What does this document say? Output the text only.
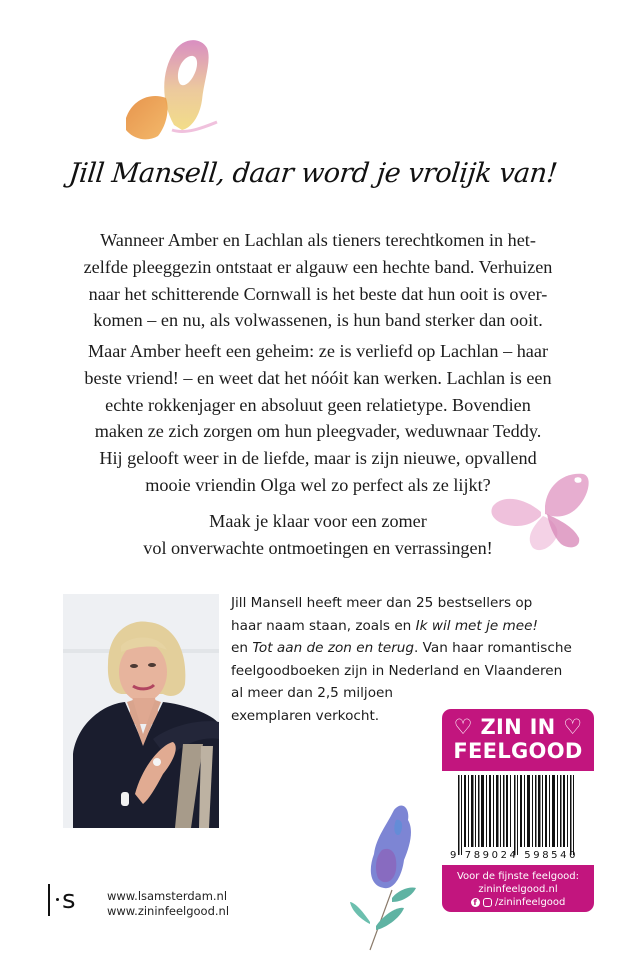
Jill Mansell, daar word je vrolijk van!

Wanneer Amber en Lachlan als tieners terechtkomen in het-

zelfde pleeggezin ontstaat er algauw een hechte band. Verhuizen

naar het schitterende Cornwall is het beste dat hun ooit is over-

komen – en nu, als volwassenen, is hun band sterker dan ooit.

Maar Amber heeft een geheim: ze is verliefd op Lachlan – haar

beste vriend! – en weet dat het nóóit kan werken. Lachlan is een

echte rokkenjager en absoluut geen relatietype. Bovendien

maken ze zich zorgen om hun pleegvader, weduwnaar Teddy.

Hij gelooft weer in de liefde, maar is zijn nieuwe, opvallend

mooie vriendin Olga wel zo perfect als ze lijkt?

Maak je klaar voor een zomer

vol onverwachte ontmoetingen en verrassingen!

Jill Mansell heeft meer dan 25 bestsellers op
haar naam staan, zoals en Ik wil met je mee!
en Tot aan de zon en terug. Van haar romantische
feelgoodboeken zijn in Nederland en Vlaanderen
al meer dan 2,5 miljoen
exemplaren verkocht.	♡ ZIN IN ♡
FEELGOOD
9 789024 598540
Voor de fijnste feelgood:
zininfeelgood.nl
f /zininfeelgood
s	www.lsamsterdam.nl
www.zininfeelgood.nl
